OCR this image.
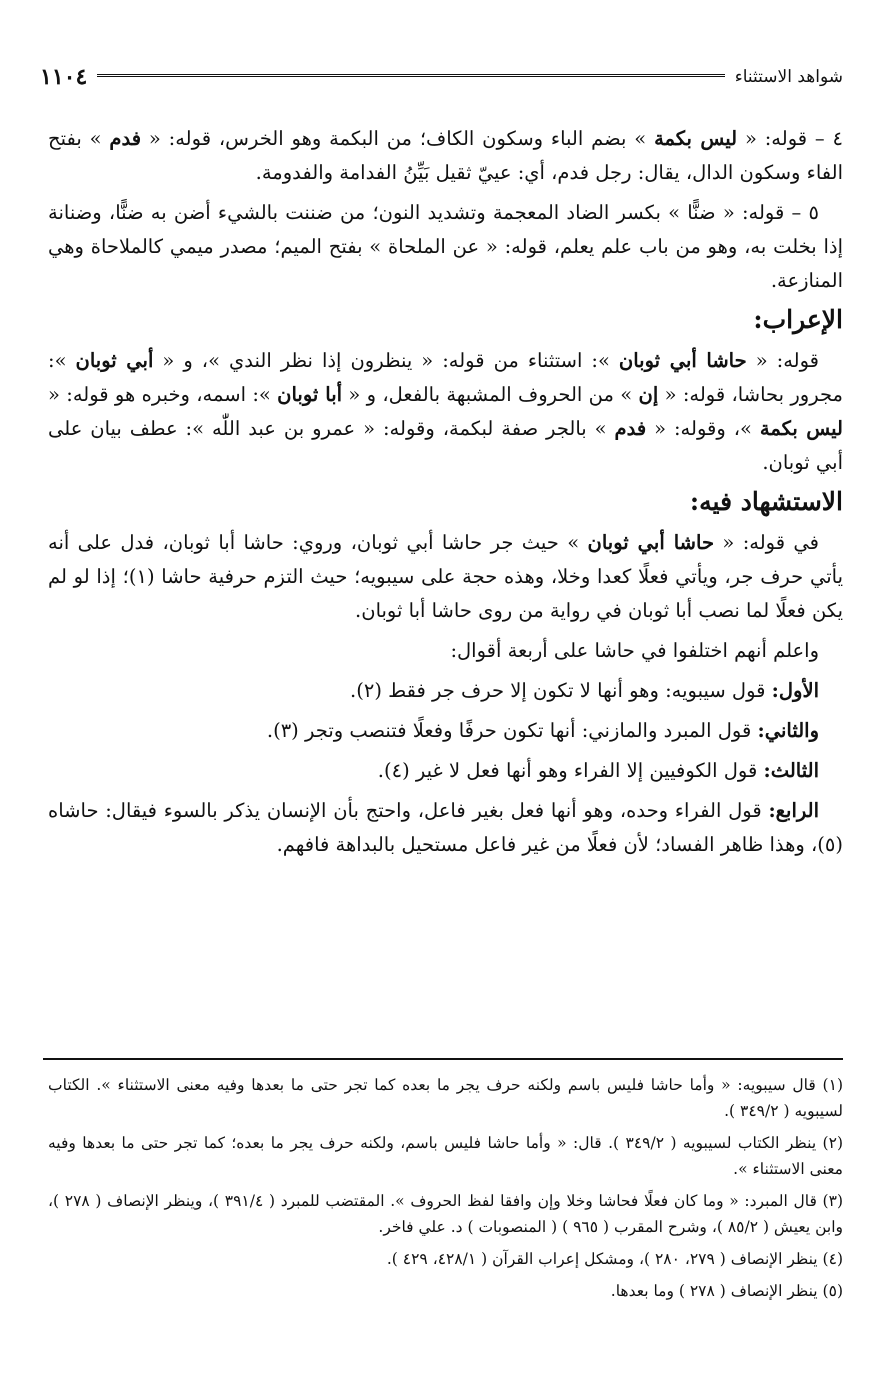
١١٠٤	شواهد الاستثناء

٤ – قوله: « ليس بكمة » بضم الباء وسكون الكاف؛ من البكمة وهو الخرس، قوله: « فدم » بفتح الفاء وسكون الدال، يقال: رجل فدم، أي: عييّ ثقيل بَيِّنُ الفدامة والفدومة.

٥ – قوله: « ضنًّا » بكسر الضاد المعجمة وتشديد النون؛ من ضننت بالشيء أضن به ضنًّا، وضنانة إذا بخلت به، وهو من باب علم يعلم، قوله: « عن الملحاة » بفتح الميم؛ مصدر ميمي كالملاحاة وهي المنازعة.

الإعراب:

قوله: « حاشا أبي ثوبان »: استثناء من قوله: « ينظرون إذا نظر الندي »، و « أبي ثوبان »: مجرور بحاشا، قوله: « إن » من الحروف المشبهة بالفعل، و « أبا ثوبان »: اسمه، وخبره هو قوله: « ليس بكمة »، وقوله: « فدم » بالجر صفة لبكمة، وقوله: « عمرو بن عبد اللّٰه »: عطف بيان على أبي ثوبان.

الاستشهاد فيه:

في قوله: « حاشا أبي ثوبان » حيث جر حاشا أبي ثوبان، وروي: حاشا أبا ثوبان، فدل على أنه يأتي حرف جر، ويأتي فعلًا كعدا وخلا، وهذه حجة على سيبويه؛ حيث التزم حرفية حاشا (١)؛ إذا لو لم يكن فعلًا لما نصب أبا ثوبان في رواية من روى حاشا أبا ثوبان.

واعلم أنهم اختلفوا في حاشا على أربعة أقوال:

الأول: قول سيبويه: وهو أنها لا تكون إلا حرف جر فقط (٢).

والثاني: قول المبرد والمازني: أنها تكون حرفًا وفعلًا فتنصب وتجر (٣).

الثالث: قول الكوفيين إلا الفراء وهو أنها فعل لا غير (٤).

الرابع: قول الفراء وحده، وهو أنها فعل بغير فاعل، واحتج بأن الإنسان يذكر بالسوء فيقال: حاشاه (٥)، وهذا ظاهر الفساد؛ لأن فعلًا من غير فاعل مستحيل بالبداهة فافهم.

(١) قال سيبويه: « وأما حاشا فليس باسم ولكنه حرف يجر ما بعده كما تجر حتى ما بعدها وفيه معنى الاستثناء ». الكتاب لسيبويه ( ٣٤٩/٢ ).
(٢) ينظر الكتاب لسيبويه ( ٣٤٩/٢ ). قال: « وأما حاشا فليس باسم، ولكنه حرف يجر ما بعده؛ كما تجر حتى ما بعدها وفيه معنى الاستثناء ».
(٣) قال المبرد: « وما كان فعلًا فحاشا وخلا وإن وافقا لفظ الحروف ». المقتضب للمبرد ( ٣٩١/٤ )، وينظر الإنصاف ( ٢٧٨ )، وابن يعيش ( ٨٥/٢ )، وشرح المقرب ( ٩٦٥ ) ( المنصوبات ) د. علي فاخر.
(٤) ينظر الإنصاف ( ٢٧٩، ٢٨٠ )، ومشكل إعراب القرآن ( ٤٢٨/١، ٤٢٩ ).
(٥) ينظر الإنصاف ( ٢٧٨ ) وما بعدها.
